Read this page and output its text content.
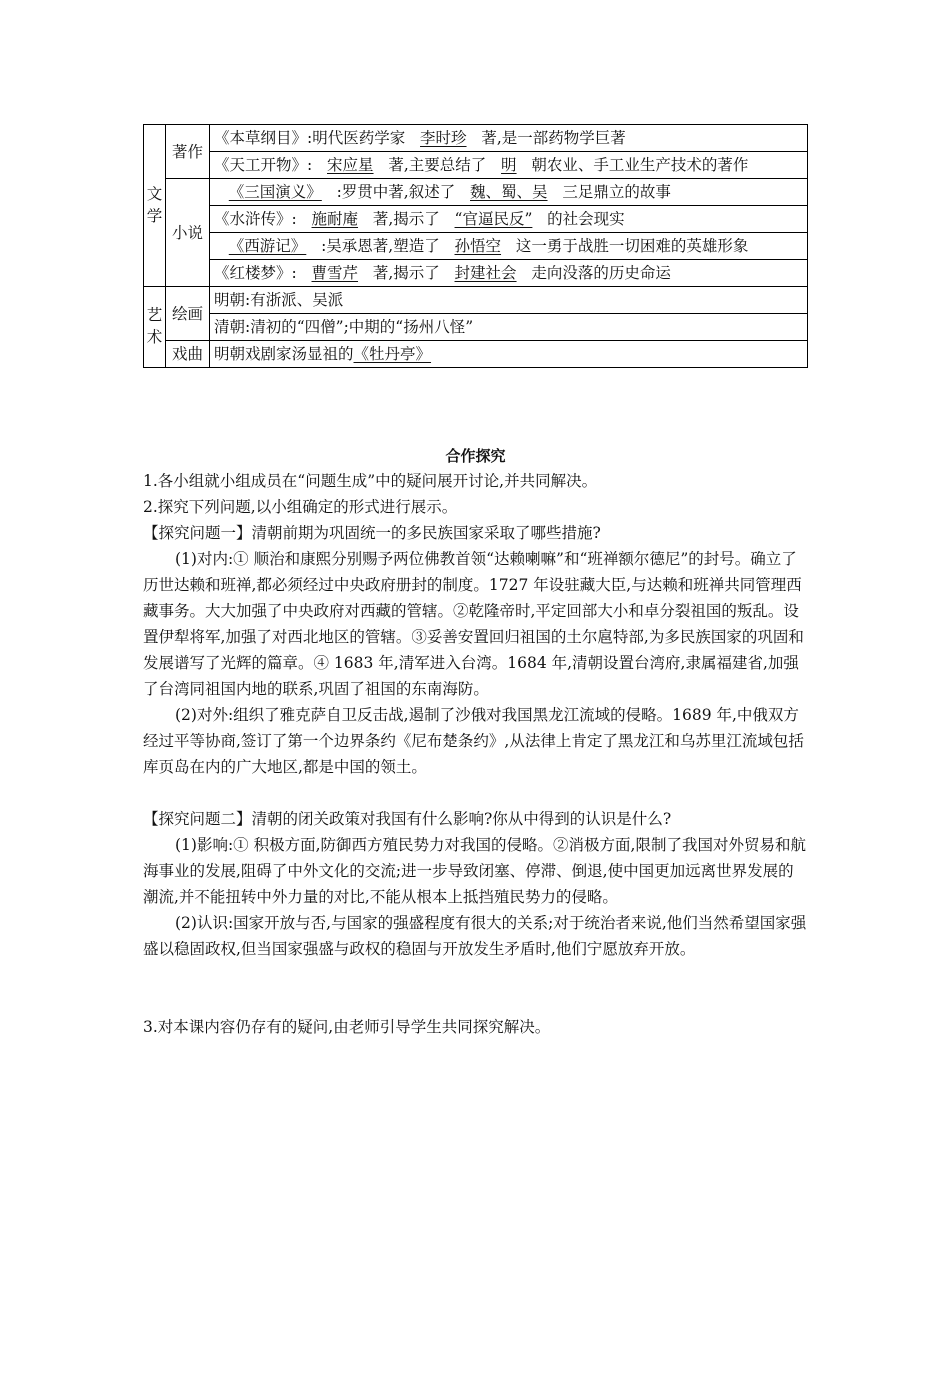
文学	著作	《本草纲目》:明代医药学家 李时珍 著,是一部药物学巨著
		《天工开物》: 宋应星 著,主要总结了 明 朝农业、手工业生产技术的著作
	小说	《三国演义》 :罗贯中著,叙述了 魏、蜀、吴 三足鼎立的故事
		《水浒传》: 施耐庵 著,揭示了 “官逼民反” 的社会现实
		《西游记》 :吴承恩著,塑造了 孙悟空 这一勇于战胜一切困难的英雄形象
		《红楼梦》: 曹雪芹 著,揭示了 封建社会 走向没落的历史命运

艺术	绘画	明朝:有浙派、吴派
		清朝:清初的“四僧”;中期的“扬州八怪”
	戏曲	明朝戏剧家汤显祖的《牡丹亭》
合作探究

1.各小组就小组成员在“问题生成”中的疑问展开讨论,并共同解决。

2.探究下列问题,以小组确定的形式进行展示。

【探究问题一】清朝前期为巩固统一的多民族国家采取了哪些措施?

(1)对内:① 顺治和康熙分别赐予两位佛教首领“达赖喇嘛”和“班禅额尔德尼”的封号。确立了历世达赖和班禅,都必须经过中央政府册封的制度。1727 年设驻藏大臣,与达赖和班禅共同管理西藏事务。大大加强了中央政府对西藏的管辖。②乾隆帝时,平定回部大小和卓分裂祖国的叛乱。设置伊犁将军,加强了对西北地区的管辖。③妥善安置回归祖国的土尔扈特部,为多民族国家的巩固和发展谱写了光辉的篇章。④ 1683 年,清军进入台湾。1684 年,清朝设置台湾府,隶属福建省,加强了台湾同祖国内地的联系,巩固了祖国的东南海防。

(2)对外:组织了雅克萨自卫反击战,遏制了沙俄对我国黑龙江流域的侵略。1689 年,中俄双方经过平等协商,签订了第一个边界条约《尼布楚条约》,从法律上肯定了黑龙江和乌苏里江流域包括库页岛在内的广大地区,都是中国的领土。

【探究问题二】清朝的闭关政策对我国有什么影响?你从中得到的认识是什么?

(1)影响:① 积极方面,防御西方殖民势力对我国的侵略。②消极方面,限制了我国对外贸易和航海事业的发展,阻碍了中外文化的交流;进一步导致闭塞、停滞、倒退,使中国更加远离世界发展的潮流,并不能扭转中外力量的对比,不能从根本上抵挡殖民势力的侵略。

(2)认识:国家开放与否,与国家的强盛程度有很大的关系;对于统治者来说,他们当然希望国家强盛以稳固政权,但当国家强盛与政权的稳固与开放发生矛盾时,他们宁愿放弃开放。

3.对本课内容仍存有的疑问,由老师引导学生共同探究解决。
